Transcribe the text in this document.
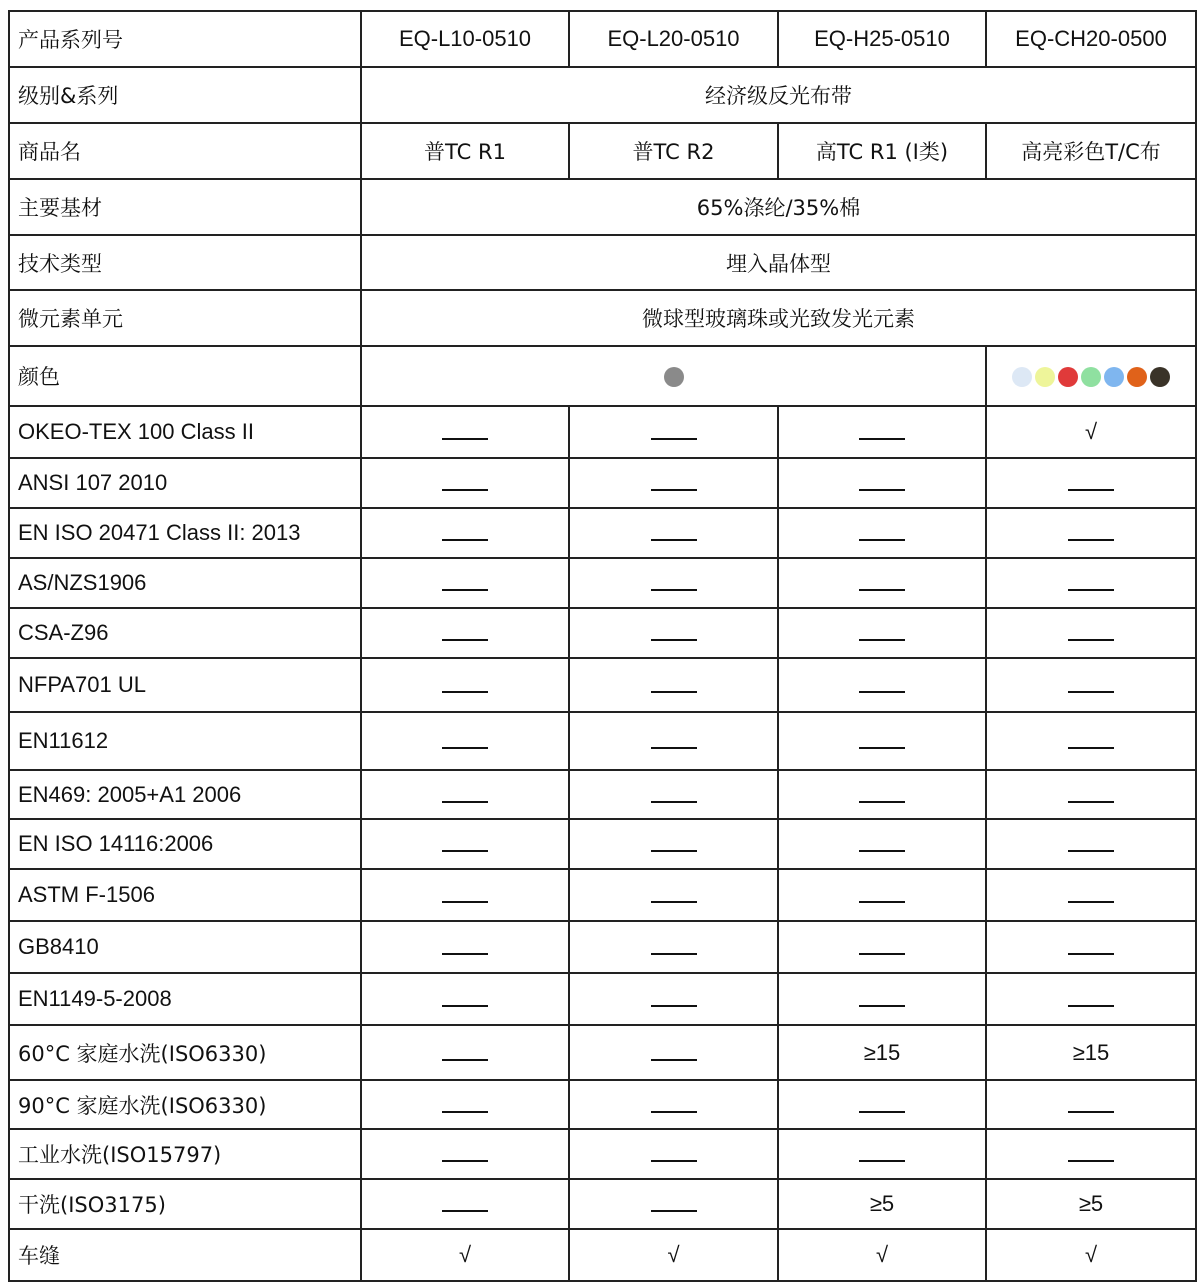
产品系列号	EQ-L10-0510	EQ-L20-0510	EQ-H25-0510	EQ-CH20-0500
级别&系列	经济级反光布带			
商品名	普TC R1	普TC R2	高TC R1 (I类)	高亮彩色T/C布
主要基材	65%涤纶/35%棉			
技术类型	埋入晶体型			
微元素单元	微球型玻璃珠或光致发光元素			
颜色				
OKEO-TEX 100 Class II				√
ANSI 107 2010				
EN ISO 20471 Class II: 2013				
AS/NZS1906				
CSA-Z96				
NFPA701 UL				
EN11612				
EN469: 2005+A1 2006				
EN ISO 14116:2006				
ASTM F-1506				
GB8410				
EN1149-5-2008				
60°C 家庭水洗(ISO6330)			≥15	≥15
90°C 家庭水洗(ISO6330)				
工业水洗(ISO15797)				
干洗(ISO3175)			≥5	≥5
车缝	√	√	√	√
